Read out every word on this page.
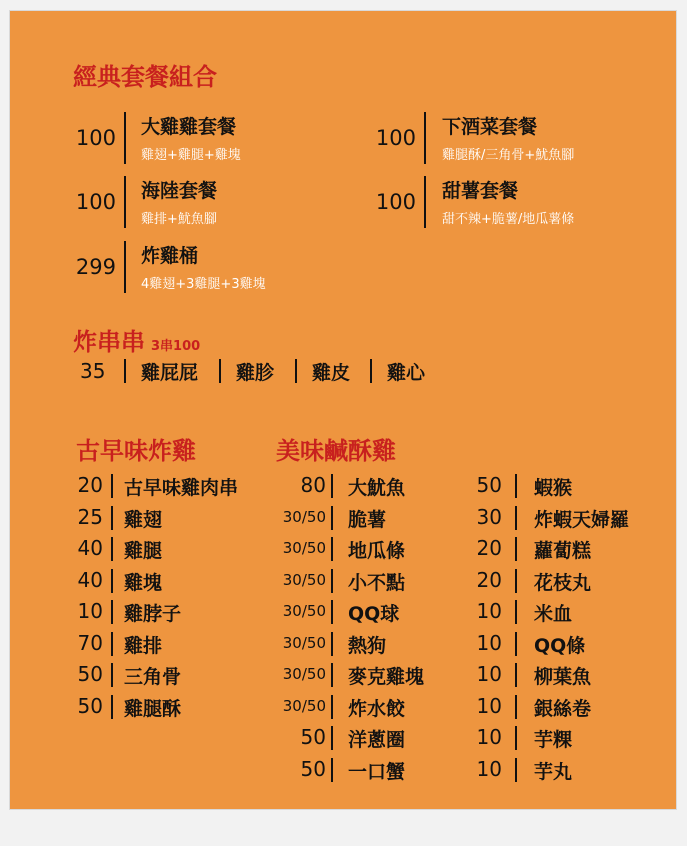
經典套餐組合
100 大雞雞套餐
雞翅+雞腿+雞塊
100 下酒菜套餐
雞腿酥/三角骨+魷魚腳
100 海陸套餐
雞排+魷魚腳
100 甜薯套餐
甜不辣+脆薯/地瓜薯條
299 炸雞桶
4雞翅+3雞腿+3雞塊
炸串串 3串100
35 雞屁屁 雞胗 雞皮 雞心
古早味炸雞	美味鹹酥雞
20 古早味雞肉串
25 雞翅
40 雞腿
40 雞塊
10 雞脖子
70 雞排
50 三角骨
50 雞腿酥
80 大魷魚
30/50 脆薯
30/50 地瓜條
30/50 小不點
30/50 QQ球
30/50 熱狗
30/50 麥克雞塊
30/50 炸水餃
50 洋蔥圈
50 一口蟹
50 蝦猴
30 炸蝦天婦羅
20 蘿蔔糕
20 花枝丸
10 米血
10 QQ條
10 柳葉魚
10 銀絲卷
10 芋粿
10 芋丸
